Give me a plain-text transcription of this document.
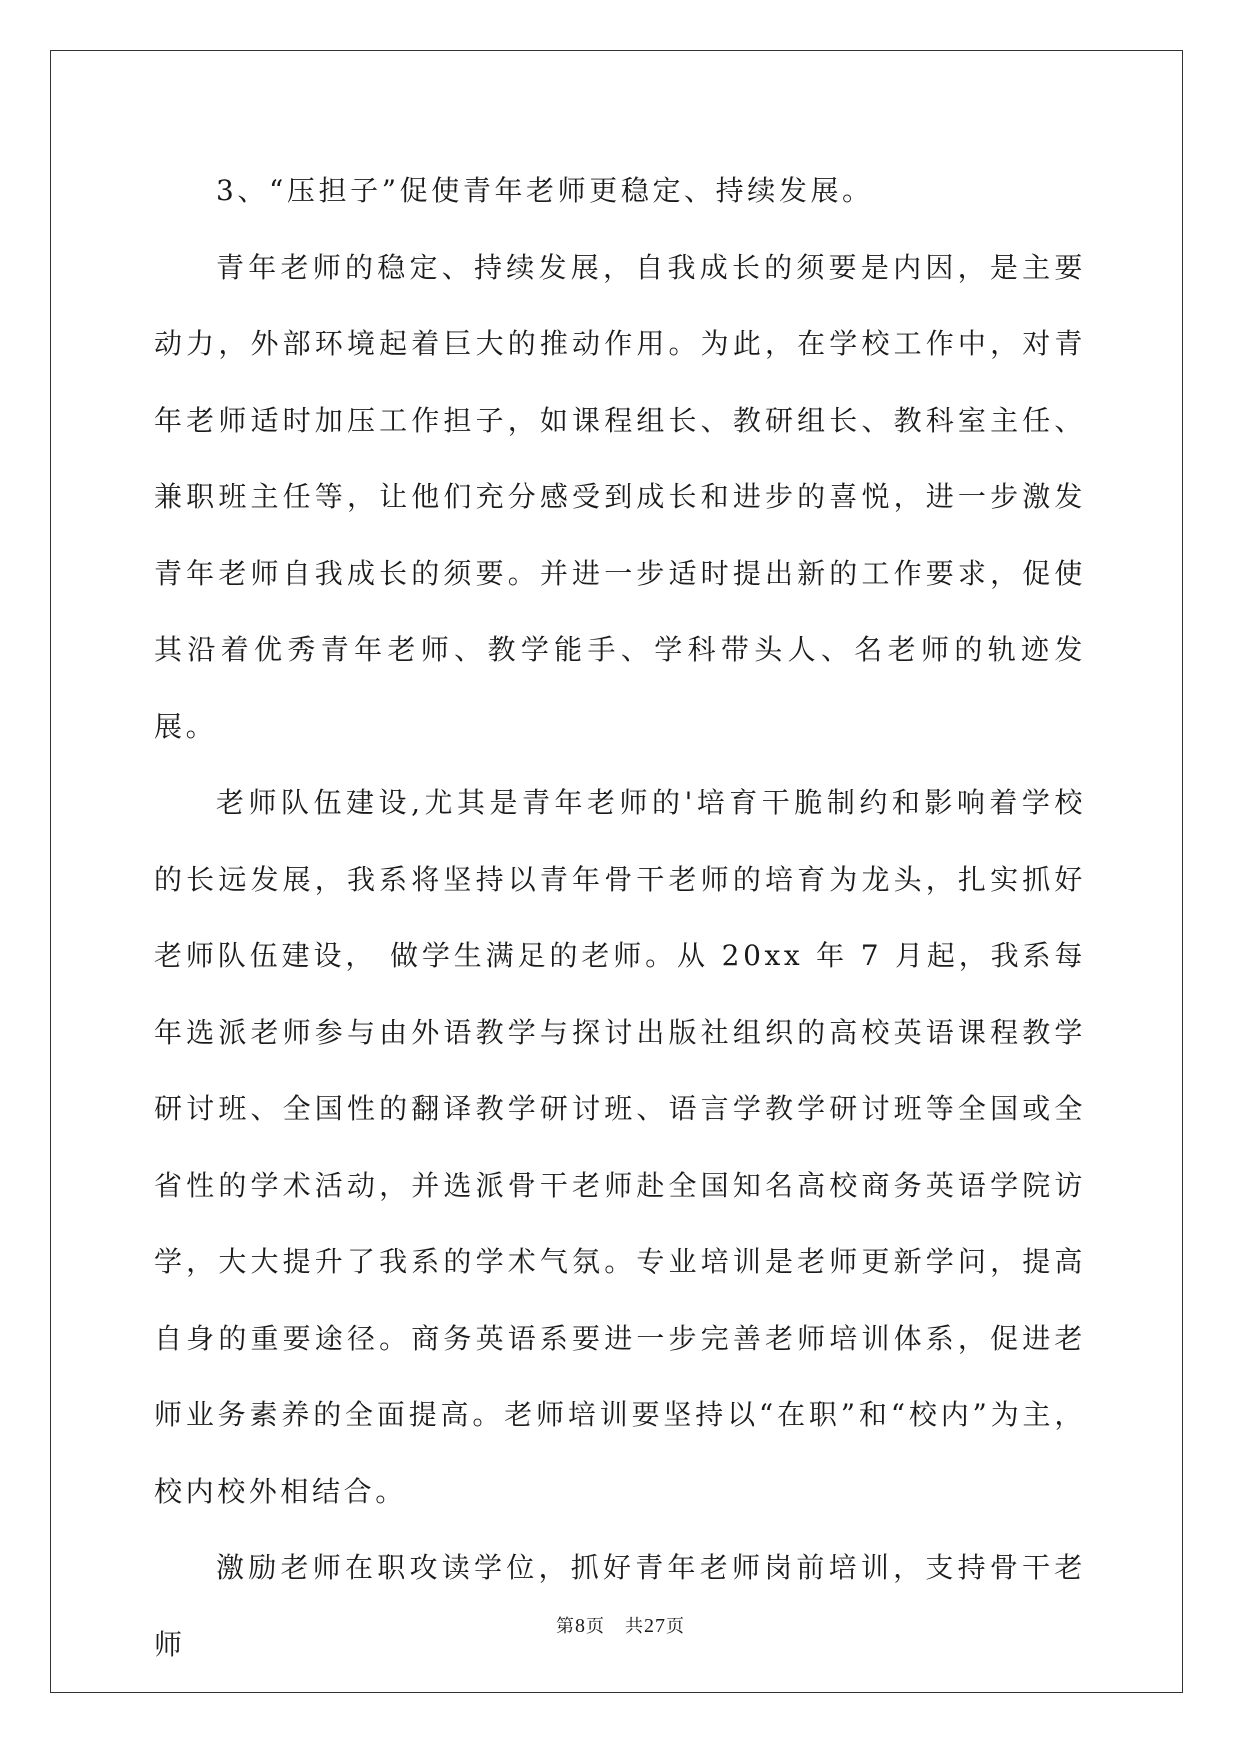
3、“压担子”促使青年老师更稳定、持续发展。

青年老师的稳定、持续发展，自我成长的须要是内因，是主要动力，外部环境起着巨大的推动作用。为此，在学校工作中，对青年老师适时加压工作担子，如课程组长、教研组长、教科室主任、兼职班主任等，让他们充分感受到成长和进步的喜悦，进一步激发青年老师自我成长的须要。并进一步适时提出新的工作要求，促使其沿着优秀青年老师、教学能手、学科带头人、名老师的轨迹发展。

老师队伍建设,尤其是青年老师的'培育干脆制约和影响着学校的长远发展，我系将坚持以青年骨干老师的培育为龙头，扎实抓好老师队伍建设， 做学生满足的老师。从 20xx 年 7 月起，我系每年选派老师参与由外语教学与探讨出版社组织的高校英语课程教学研讨班、全国性的翻译教学研讨班、语言学教学研讨班等全国或全省性的学术活动，并选派骨干老师赴全国知名高校商务英语学院访学，大大提升了我系的学术气氛。专业培训是老师更新学问，提高自身的重要途径。商务英语系要进一步完善老师培训体系，促进老师业务素养的全面提高。老师培训要坚持以“在职”和“校内”为主，校内校外相结合。

激励老师在职攻读学位，抓好青年老师岗前培训，支持骨干老师

第8页 共27页
